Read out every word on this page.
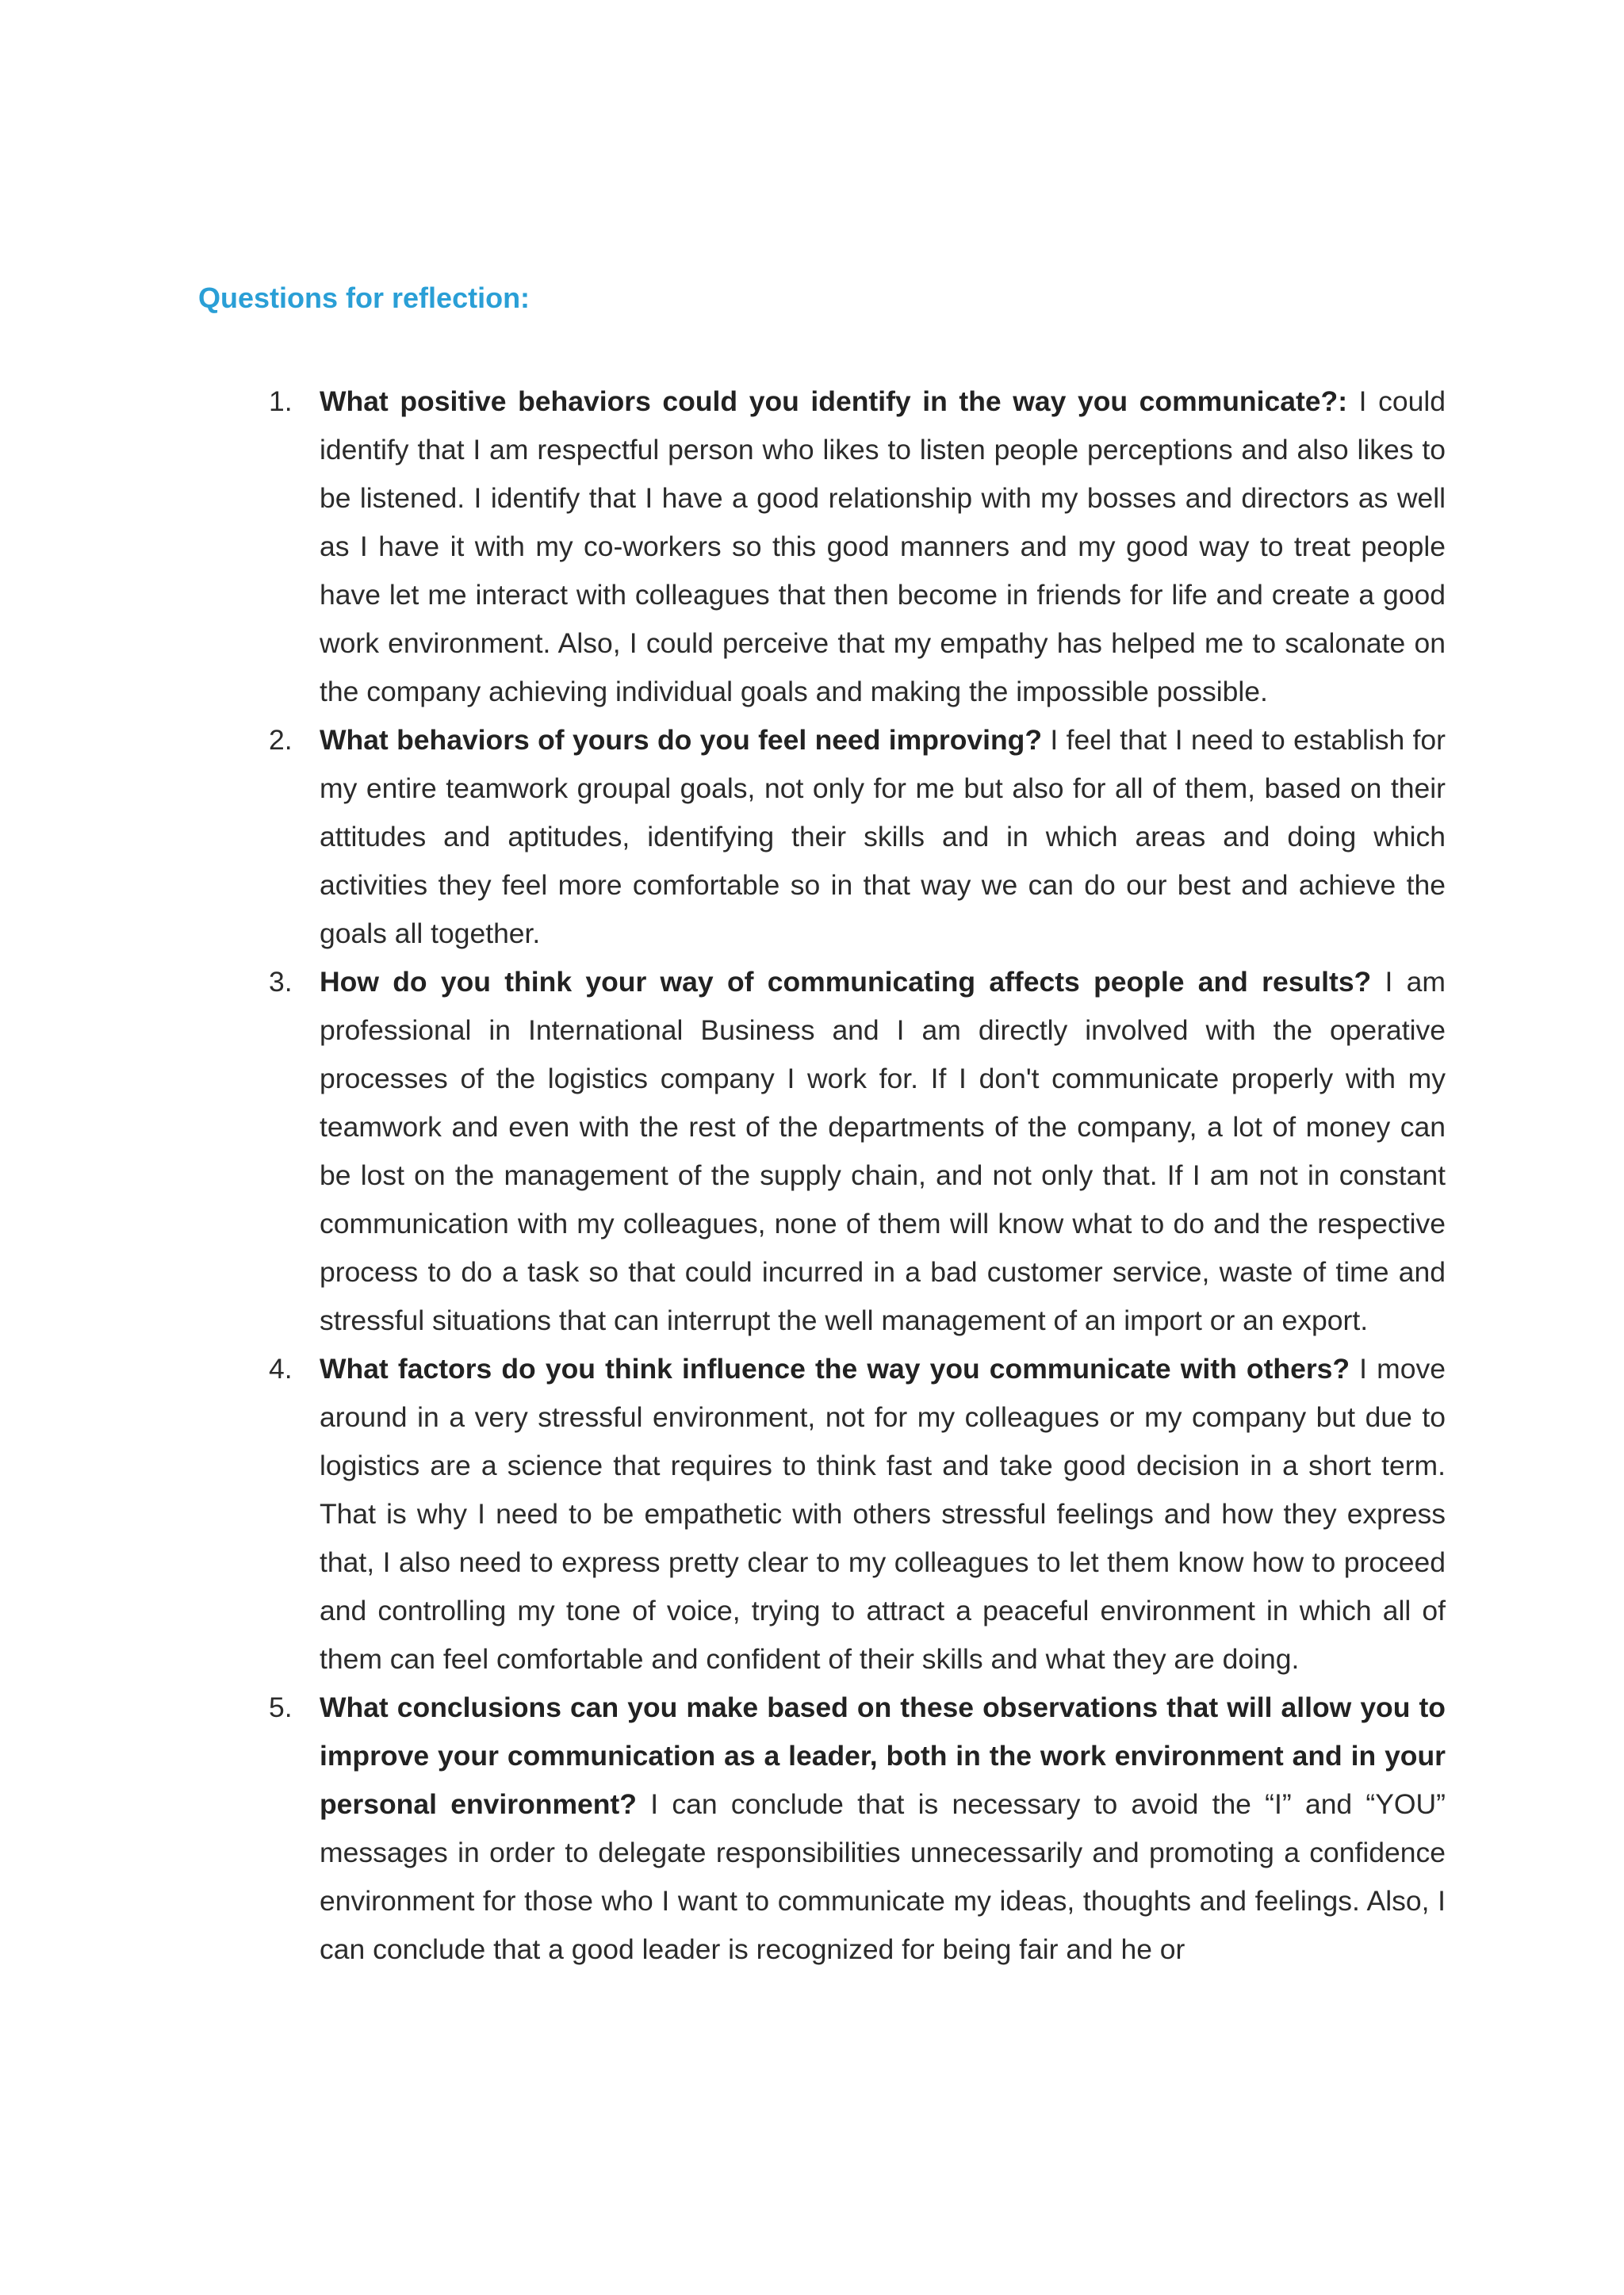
Questions for reflection:
1. What positive behaviors could you identify in the way you communicate?: I could identify that I am respectful person who likes to listen people perceptions and also likes to be listened. I identify that I have a good relationship with my bosses and directors as well as I have it with my co-workers so this good manners and my good way to treat people have let me interact with colleagues that then become in friends for life and create a good work environment. Also, I could perceive that my empathy has helped me to scalonate on the company achieving individual goals and making the impossible possible.
2. What behaviors of yours do you feel need improving? I feel that I need to establish for my entire teamwork groupal goals, not only for me but also for all of them, based on their attitudes and aptitudes, identifying their skills and in which areas and doing which activities they feel more comfortable so in that way we can do our best and achieve the goals all together.
3. How do you think your way of communicating affects people and results? I am professional in International Business and I am directly involved with the operative processes of the logistics company I work for. If I don't communicate properly with my teamwork and even with the rest of the departments of the company, a lot of money can be lost on the management of the supply chain, and not only that. If I am not in constant communication with my colleagues, none of them will know what to do and the respective process to do a task so that could incurred in a bad customer service, waste of time and stressful situations that can interrupt the well management of an import or an export.
4. What factors do you think influence the way you communicate with others? I move around in a very stressful environment, not for my colleagues or my company but due to logistics are a science that requires to think fast and take good decision in a short term. That is why I need to be empathetic with others stressful feelings and how they express that, I also need to express pretty clear to my colleagues to let them know how to proceed and controlling my tone of voice, trying to attract a peaceful environment in which all of them can feel comfortable and confident of their skills and what they are doing.
5. What conclusions can you make based on these observations that will allow you to improve your communication as a leader, both in the work environment and in your personal environment? I can conclude that is necessary to avoid the “I” and “YOU” messages in order to delegate responsibilities unnecessarily and promoting a confidence environment for those who I want to communicate my ideas, thoughts and feelings. Also, I can conclude that a good leader is recognized for being fair and he or
